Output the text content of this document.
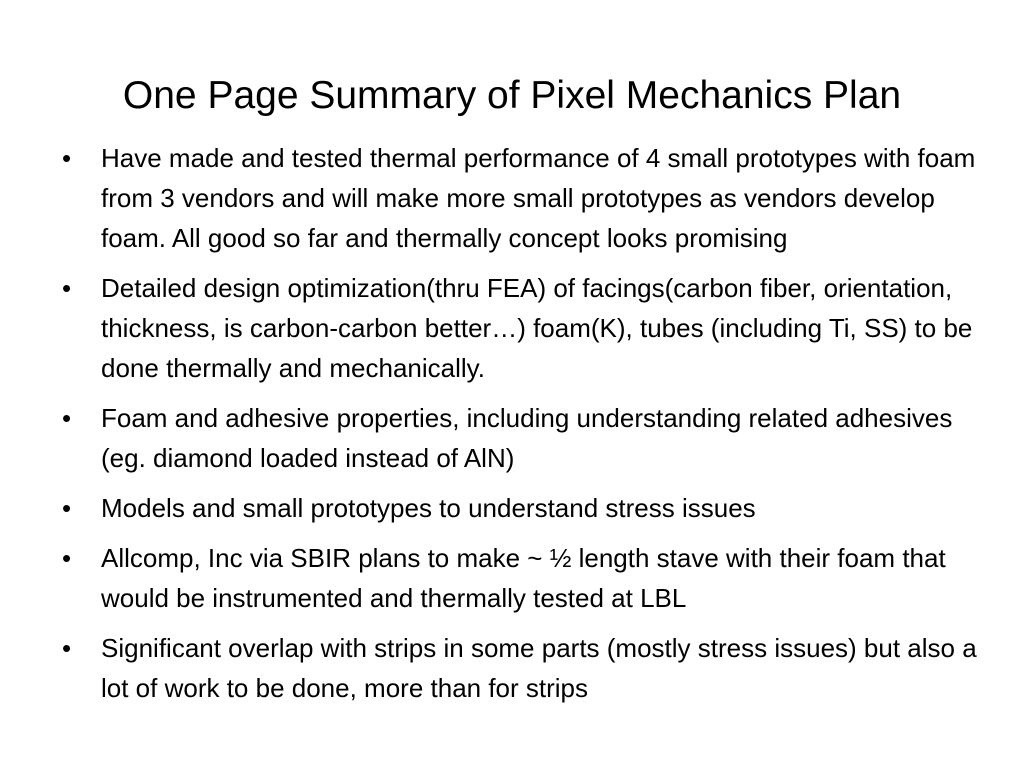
One Page Summary of Pixel Mechanics Plan
• Have made and tested thermal performance of 4 small prototypes with foam from 3 vendors and will make more small prototypes as vendors develop foam. All good so far and thermally concept looks promising
• Detailed design optimization(thru FEA) of facings(carbon fiber, orientation, thickness, is carbon-carbon better…) foam(K), tubes (including Ti, SS) to be done thermally and mechanically.
• Foam and adhesive properties, including understanding related adhesives (eg. diamond loaded instead of AlN)
• Models and small prototypes to understand stress issues
• Allcomp, Inc via SBIR plans to make ~ ½ length stave with their foam that would be instrumented and thermally tested at LBL
• Significant overlap with strips in some parts (mostly stress issues) but also a lot of work to be done, more than for strips
